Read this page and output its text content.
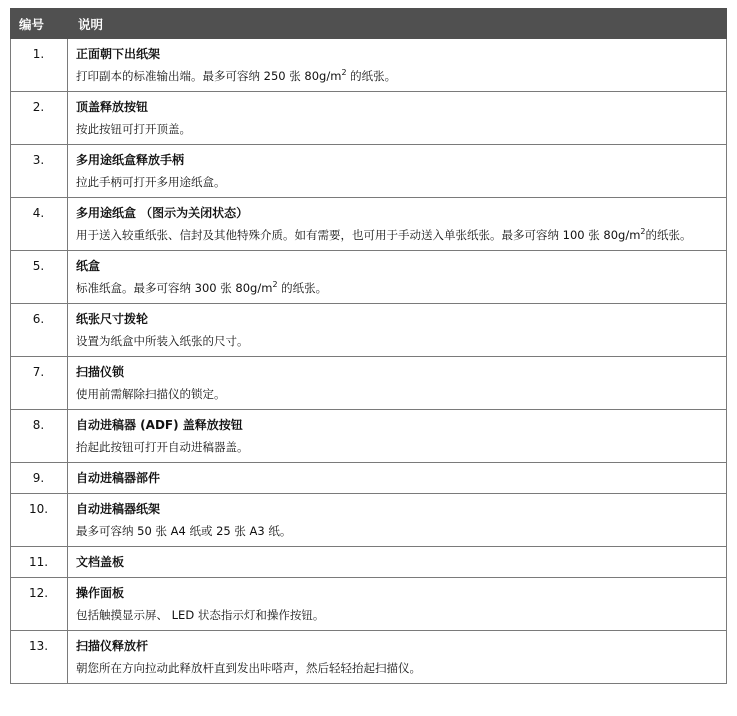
编号	说明
1.	正面朝下出纸架
打印副本的标准输出端。最多可容纳 250 张 $80g/m^2$ 的纸张。

2.	顶盖释放按钮
按此按钮可打开顶盖。

3.	多用途纸盒释放手柄
拉此手柄可打开多用途纸盒。

4.	多用途纸盒 （图示为关闭状态）
用于送入较重纸张、信封及其他特殊介质。如有需要，也可用于手动送入单张纸张。最多可容纳 100 张 $80g/m^2$的纸张。

5.	纸盒
标准纸盒。最多可容纳 300 张 $80g/m^2$ 的纸张。

6.	纸张尺寸拨轮
设置为纸盒中所装入纸张的尺寸。

7.	扫描仪锁
使用前需解除扫描仪的锁定。

8.	自动进稿器 (ADF) 盖释放按钮
抬起此按钮可打开自动进稿器盖。

9.	自动进稿器部件

10.	自动进稿器纸架
最多可容纳 50 张 A4 纸或 25 张 A3 纸。

11.	文档盖板

12.	操作面板
包括触摸显示屏、 LED 状态指示灯和操作按钮。

13.	扫描仪释放杆
朝您所在方向拉动此释放杆直到发出咔嗒声，然后轻轻抬起扫描仪。
